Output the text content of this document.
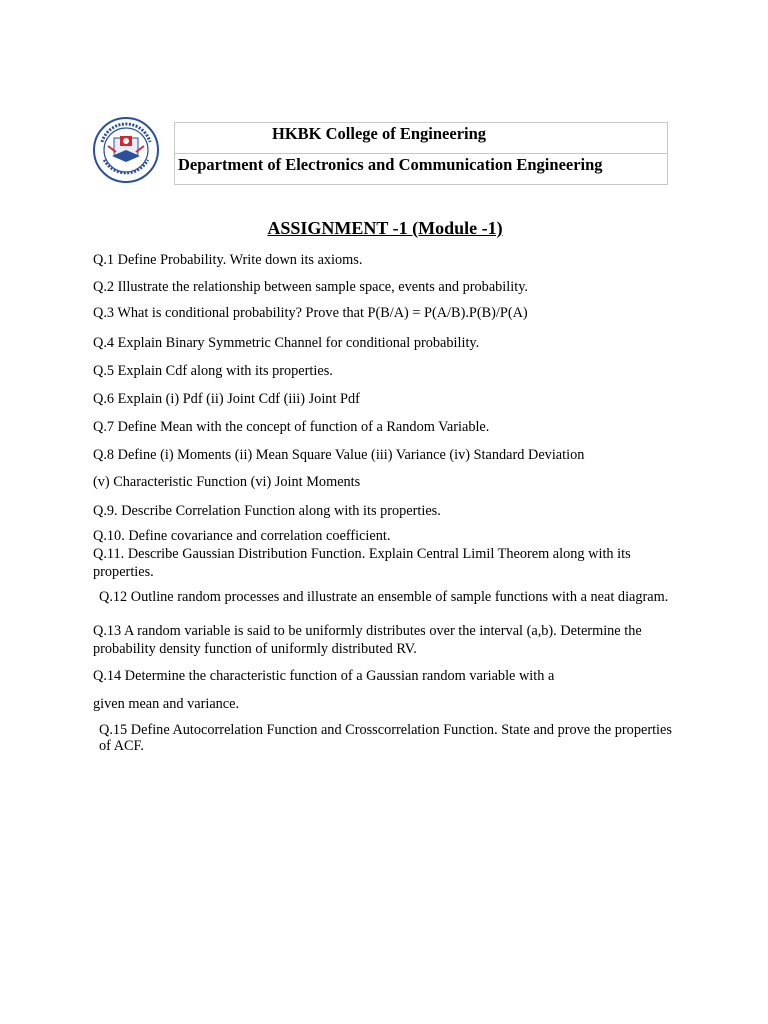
HKBK College of Engineering
Department of Electronics and Communication Engineering
ASSIGNMENT -1 (Module -1)
Q.1 Define Probability. Write down its axioms.
Q.2 Illustrate the relationship between sample space, events and probability.
Q.3 What is conditional probability? Prove that P(B/A) = P(A/B).P(B)/P(A)
Q.4 Explain Binary Symmetric Channel for conditional probability.
Q.5 Explain Cdf along with its properties.
Q.6 Explain (i) Pdf (ii) Joint Cdf (iii) Joint Pdf
Q.7 Define Mean with the concept of function of a Random Variable.
Q.8 Define (i) Moments (ii) Mean Square Value (iii) Variance (iv) Standard Deviation
(v) Characteristic Function (vi) Joint Moments
Q.9. Describe Correlation Function along with its properties.
Q.10. Define covariance and correlation coefficient.
Q.11. Describe Gaussian Distribution Function. Explain Central Limil Theorem along with its properties.
Q.12 Outline random processes and illustrate an ensemble of sample functions with a neat diagram.
Q.13 A random variable is said to be uniformly distributes over the interval (a,b). Determine the probability density function of uniformly distributed RV.
Q.14 Determine the characteristic function of a Gaussian random variable with a
given mean and variance.
Q.15 Define Autocorrelation Function and Crosscorrelation Function. State and prove the properties of ACF.
